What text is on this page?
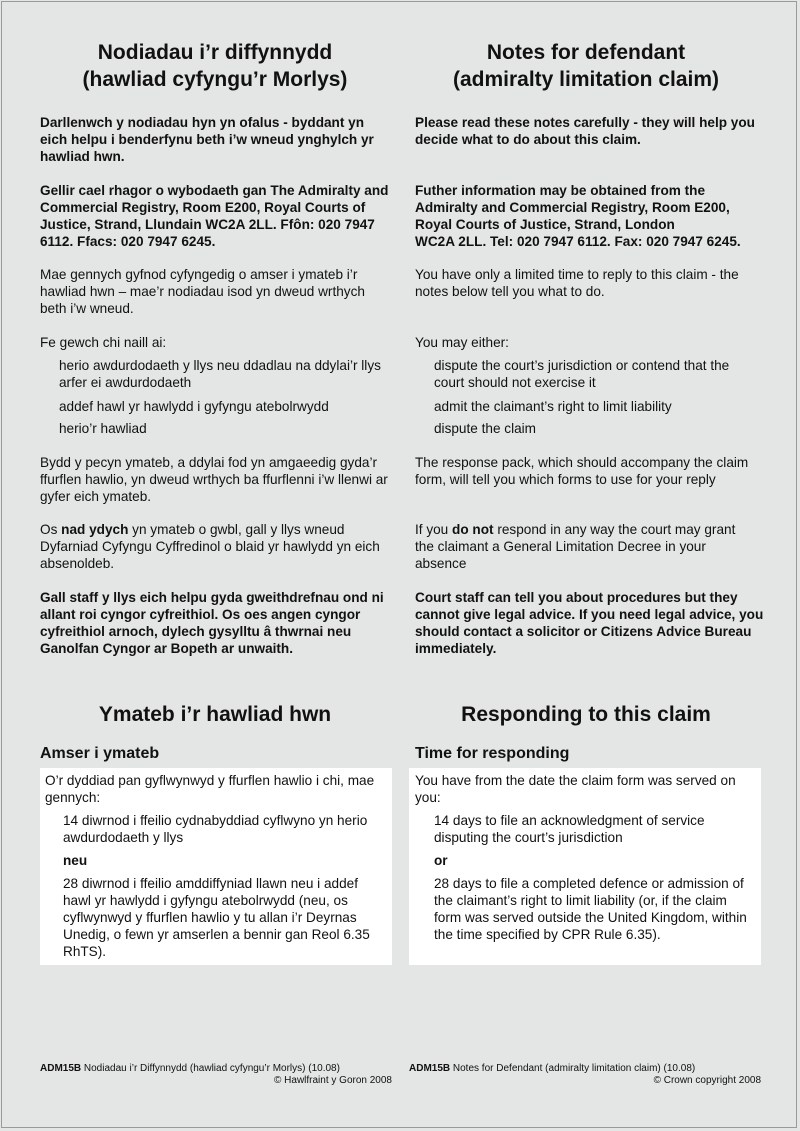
Nodiadau i’r diffynnydd
(hawliad cyfyngu’r Morlys)

Darllenwch y nodiadau hyn yn ofalus - byddant yn eich helpu i benderfynu beth i’w wneud ynghylch yr hawliad hwn.

Gellir cael rhagor o wybodaeth gan The Admiralty and Commercial Registry, Room E200, Royal Courts of Justice, Strand, Llundain WC2A 2LL. Ffôn: 020 7947 6112. Ffacs: 020 7947 6245.

Mae gennych gyfnod cyfyngedig o amser i ymateb i’r hawliad hwn – mae’r nodiadau isod yn dweud wrthych beth i’w wneud.

Fe gewch chi naill ai:

herio awdurdodaeth y llys neu ddadlau na ddylai’r llys arfer ei awdurdodaeth

addef hawl yr hawlydd i gyfyngu atebolrwydd

herio’r hawliad

Bydd y pecyn ymateb, a ddylai fod yn amgaeedig gyda’r ffurflen hawlio, yn dweud wrthych ba ffurflenni i’w llenwi ar gyfer eich ymateb.

Os nad ydych yn ymateb o gwbl, gall y llys wneud Dyfarniad Cyfyngu Cyffredinol o blaid yr hawlydd yn eich absenoldeb.

Gall staff y llys eich helpu gyda gweithdrefnau ond ni allant roi cyngor cyfreithiol. Os oes angen cyngor cyfreithiol arnoch, dylech gysylltu â thwrnai neu Ganolfan Cyngor ar Bopeth ar unwaith.

Ymateb i’r hawliad hwn
Amser i ymateb

O’r dyddiad pan gyflwynwyd y ffurflen hawlio i chi, mae gennych:

14 diwrnod i ffeilio cydnabyddiad cyflwyno yn herio awdurdodaeth y llys

neu

28 diwrnod i ffeilio amddiffyniad llawn neu i addef hawl yr hawlydd i gyfyngu atebolrwydd (neu, os cyflwynwyd y ffurflen hawlio y tu allan i’r Deyrnas Unedig, o fewn yr amserlen a bennir gan Reol 6.35 RhTS).

ADM15B Nodiadau i’r Diffynnydd (hawliad cyfyngu’r Morlys) (10.08)
© Hawlfraint y Goron 2008
Notes for defendant
(admiralty limitation claim)

Please read these notes carefully - they will help you decide what to do about this claim.

Futher information may be obtained from the

Admiralty and Commercial Registry, Room E200,

Royal Courts of Justice, Strand, London

WC2A 2LL. Tel: 020 7947 6112. Fax: 020 7947 6245.

You have only a limited time to reply to this claim - the notes below tell you what to do.

You may either:

dispute the court’s jurisdiction or contend that the court should not exercise it

admit the claimant’s right to limit liability

dispute the claim

The response pack, which should accompany the claim form, will tell you which forms to use for your reply

If you do not respond in any way the court may grant the claimant a General Limitation Decree in your absence

Court staff can tell you about procedures but they cannot give legal advice. If you need legal advice, you should contact a solicitor or Citizens Advice Bureau immediately.

Responding to this claim
Time for responding

You have from the date the claim form was served on you:

14 days to file an acknowledgment of service disputing the court’s jurisdiction

or

28 days to file a completed defence or admission of the claimant’s right to limit liability (or, if the claim form was served outside the United Kingdom, within the time specified by CPR Rule 6.35).

ADM15B Notes for Defendant (admiralty limitation claim) (10.08)
© Crown copyright 2008
